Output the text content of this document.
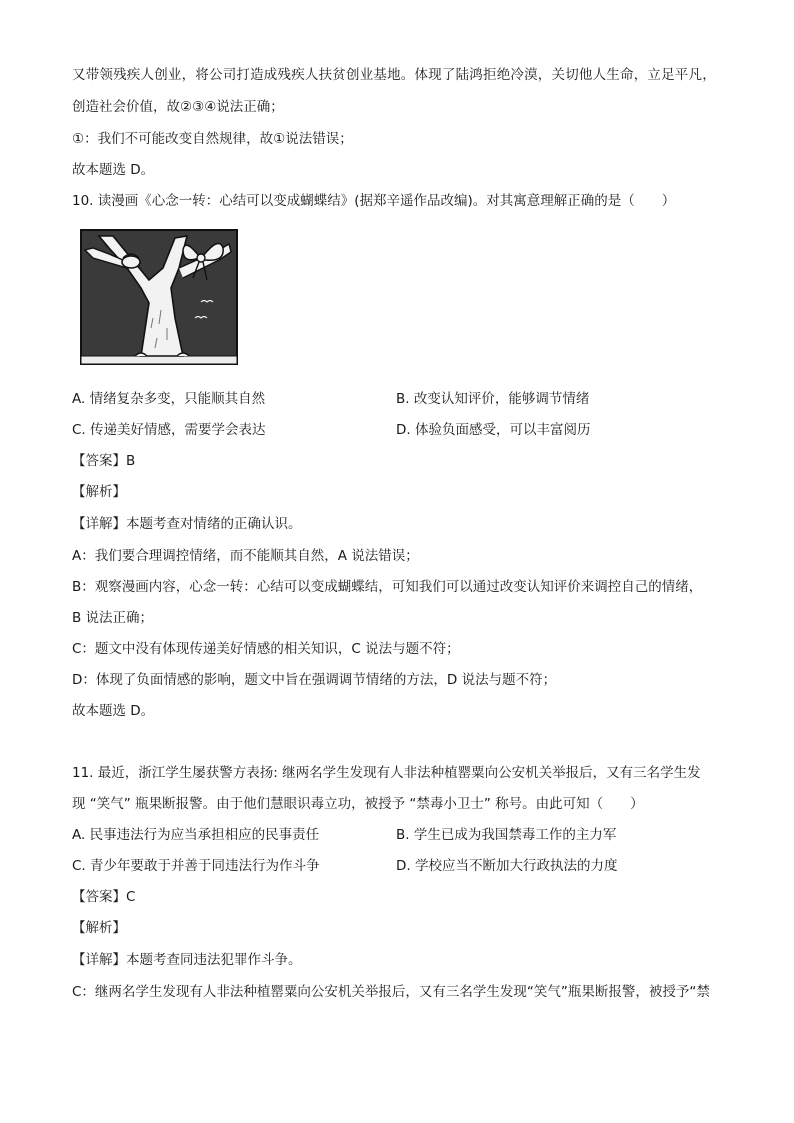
又带领残疾人创业，将公司打造成残疾人扶贫创业基地。体现了陆鸿拒绝冷漠，关切他人生命，立足平凡，
创造社会价值，故②③④说法正确；
①：我们不可能改变自然规律，故①说法错误；
故本题选 D。
10. 读漫画《心念一转：心结可以变成蝴蝶结》(据郑辛遥作品改编)。对其寓意理解正确的是（　　）
A. 情绪复杂多变，只能顺其自然	B. 改变认知评价，能够调节情绪
C. 传递美好情感，需要学会表达	D. 体验负面感受，可以丰富阅历
【答案】B
【解析】
【详解】本题考查对情绪的正确认识。
A：我们要合理调控情绪，而不能顺其自然，A 说法错误；
B：观察漫画内容，心念一转：心结可以变成蝴蝶结，可知我们可以通过改变认知评价来调控自己的情绪，
B 说法正确；
C：题文中没有体现传递美好情感的相关知识，C 说法与题不符；
D：体现了负面情感的影响，题文中旨在强调调节情绪的方法，D 说法与题不符；
故本题选 D。
11. 最近，浙江学生屡获警方表扬: 继两名学生发现有人非法种植罂粟向公安机关举报后，又有三名学生发
现 “笑气” 瓶果断报警。由于他们慧眼识毒立功，被授予 “禁毒小卫士” 称号。由此可知（　　）
A. 民事违法行为应当承担相应的民事责任	B. 学生已成为我国禁毒工作的主力军
C. 青少年要敢于并善于同违法行为作斗争	D. 学校应当不断加大行政执法的力度
【答案】C
【解析】
【详解】本题考查同违法犯罪作斗争。
C：继两名学生发现有人非法种植罂粟向公安机关举报后，又有三名学生发现“笑气”瓶果断报警，被授予“禁
